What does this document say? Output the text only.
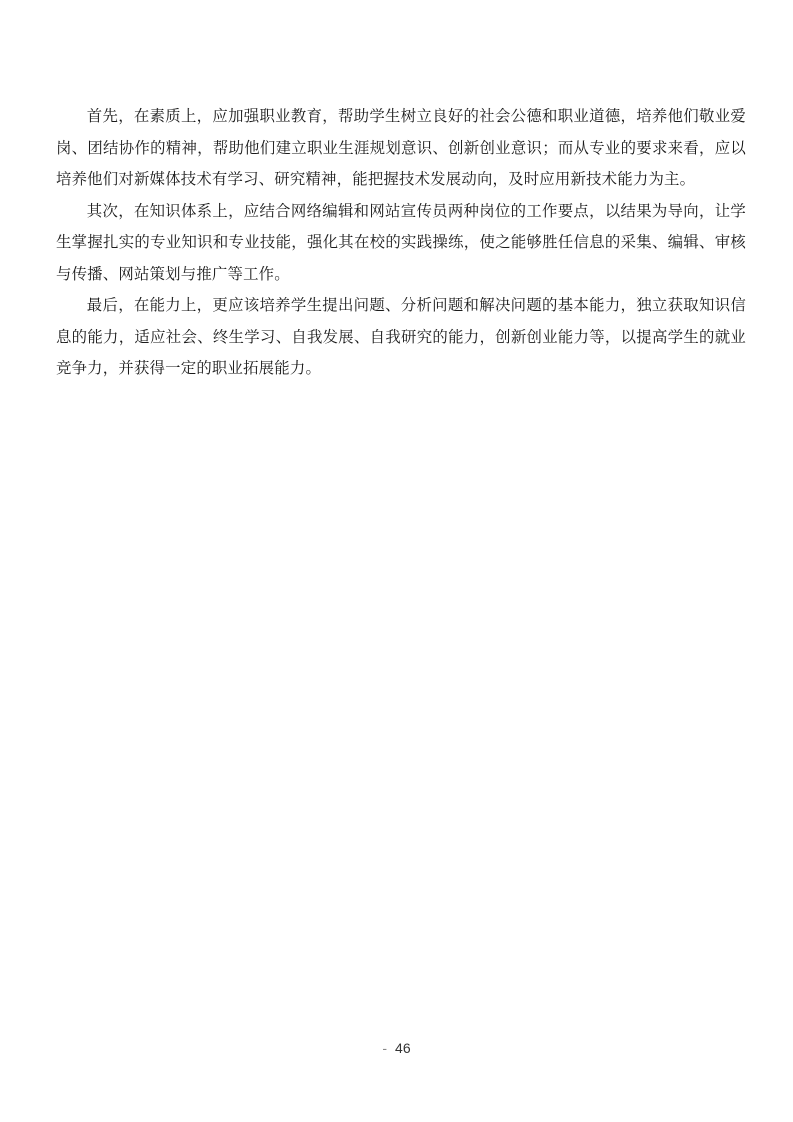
首先，在素质上，应加强职业教育，帮助学生树立良好的社会公德和职业道德，培养他们敬业爱岗、团结协作的精神，帮助他们建立职业生涯规划意识、创新创业意识；而从专业的要求来看，应以培养他们对新媒体技术有学习、研究精神，能把握技术发展动向，及时应用新技术能力为主。

其次，在知识体系上，应结合网络编辑和网站宣传员两种岗位的工作要点，以结果为导向，让学生掌握扎实的专业知识和专业技能，强化其在校的实践操练，使之能够胜任信息的采集、编辑、审核与传播、网站策划与推广等工作。

最后，在能力上，更应该培养学生提出问题、分析问题和解决问题的基本能力，独立获取知识信息的能力，适应社会、终生学习、自我发展、自我研究的能力，创新创业能力等，以提高学生的就业竞争力，并获得一定的职业拓展能力。

- 46
